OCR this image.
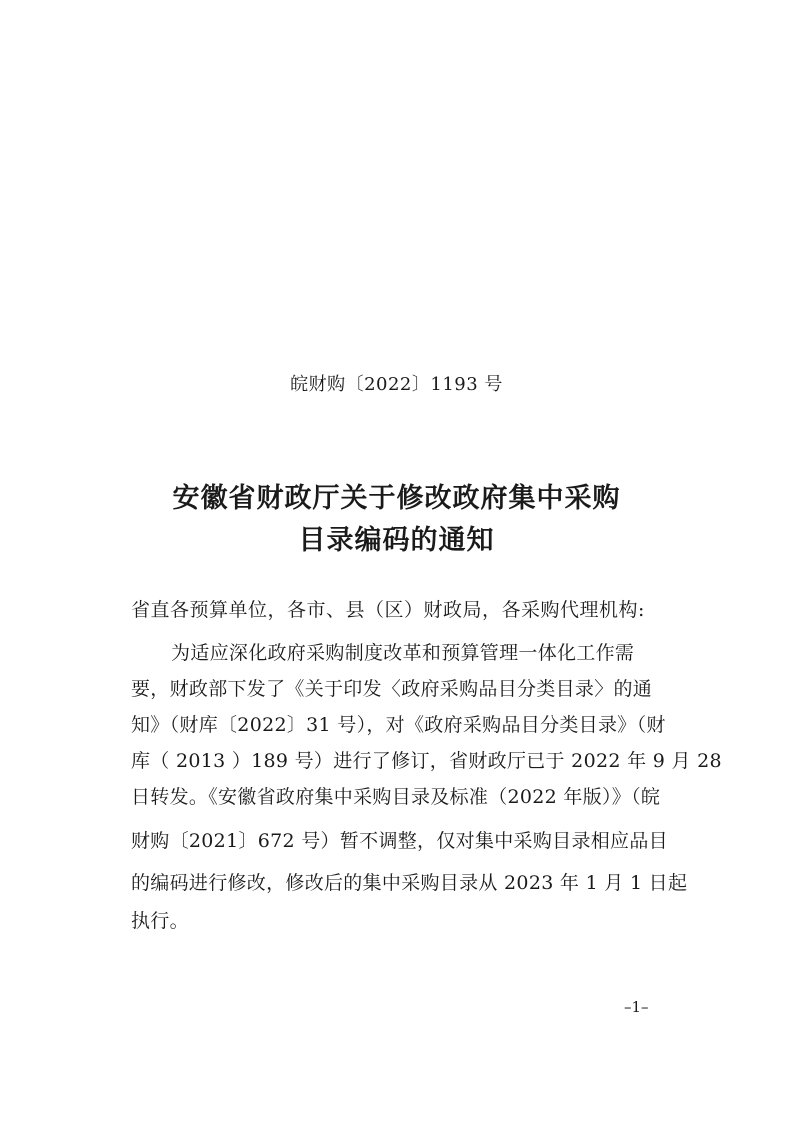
皖财购〔2022〕1193 号
安徽省财政厅关于修改政府集中采购
目录编码的通知
省直各预算单位，各市、县（区）财政局，各采购代理机构:
为适应深化政府采购制度改革和预算管理一体化工作需
要，财政部下发了《关于印发〈政府采购品目分类目录〉的通
知》（财库〔2022〕31 号），对《政府采购品目分类目录》（财
库（ 2013 ）189 号）进行了修订，省财政厅已于 2022 年 9 月 28
日转发。《安徽省政府集中采购目录及标准（2022 年版）》（皖
财购〔2021〕672 号）暂不调整，仅对集中采购目录相应品目
的编码进行修改，修改后的集中采购目录从 2023 年 1 月 1 日起
执行。
–1–
